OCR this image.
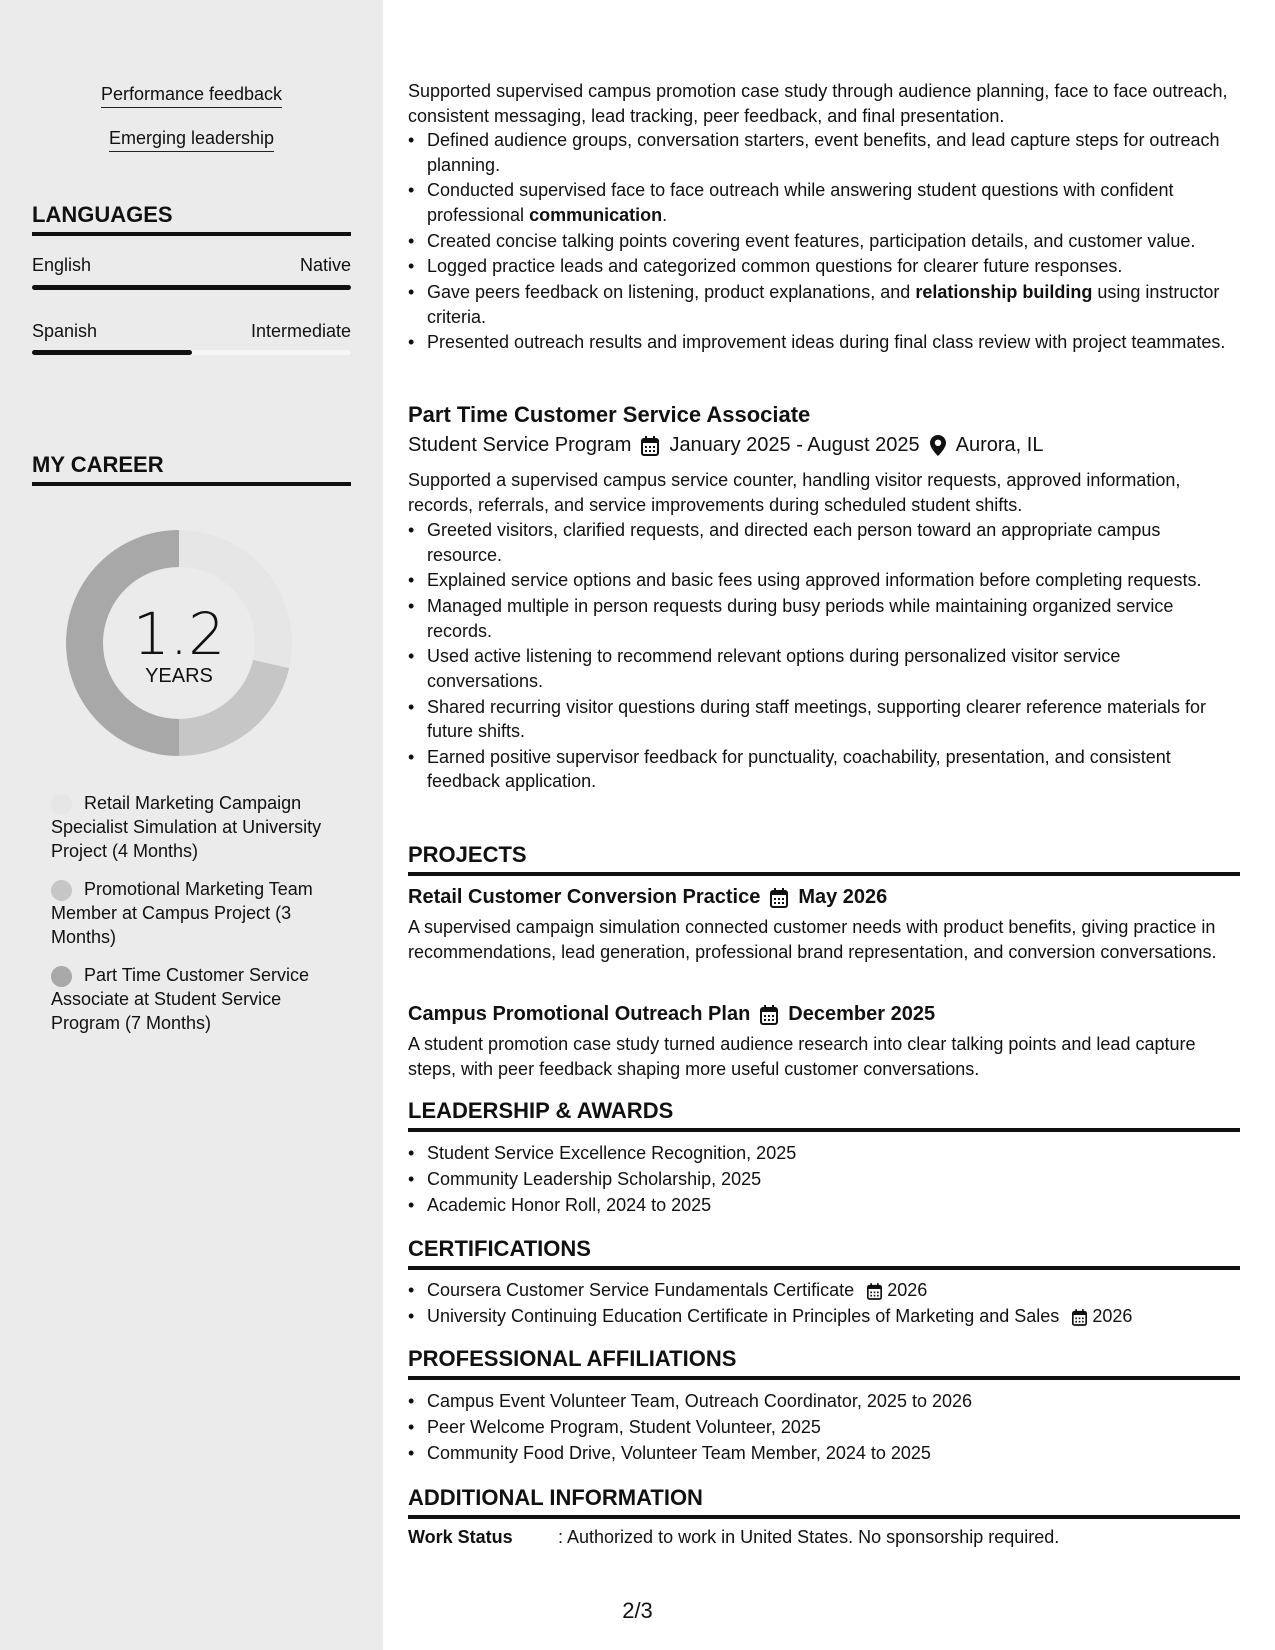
Performance feedback
Emerging leadership
LANGUAGES
English	Native
Spanish	Intermediate
MY CAREER
1.2
YEARS
Retail Marketing Campaign Specialist Simulation at University Project (4 Months)
Promotional Marketing Team Member at Campus Project (3 Months)
Part Time Customer Service Associate at Student Service Program (7 Months)
Supported supervised campus promotion case study through audience planning, face to face outreach, consistent messaging, lead tracking, peer feedback, and final presentation.
• Defined audience groups, conversation starters, event benefits, and lead capture steps for outreach planning.
• Conducted supervised face to face outreach while answering student questions with confident professional communication.
• Created concise talking points covering event features, participation details, and customer value.
• Logged practice leads and categorized common questions for clearer future responses.
• Gave peers feedback on listening, product explanations, and relationship building using instructor criteria.
• Presented outreach results and improvement ideas during final class review with project teammates.
Part Time Customer Service Associate
Student Service Program January 2025 - August 2025 Aurora, IL
Supported a supervised campus service counter, handling visitor requests, approved information, records, referrals, and service improvements during scheduled student shifts.
• Greeted visitors, clarified requests, and directed each person toward an appropriate campus resource.
• Explained service options and basic fees using approved information before completing requests.
• Managed multiple in person requests during busy periods while maintaining organized service records.
• Used active listening to recommend relevant options during personalized visitor service conversations.
• Shared recurring visitor questions during staff meetings, supporting clearer reference materials for future shifts.
• Earned positive supervisor feedback for punctuality, coachability, presentation, and consistent feedback application.
PROJECTS
Retail Customer Conversion Practice May 2026
A supervised campaign simulation connected customer needs with product benefits, giving practice in recommendations, lead generation, professional brand representation, and conversion conversations.
Campus Promotional Outreach Plan December 2025
A student promotion case study turned audience research into clear talking points and lead capture steps, with peer feedback shaping more useful customer conversations.
LEADERSHIP & AWARDS
• Student Service Excellence Recognition, 2025
• Community Leadership Scholarship, 2025
• Academic Honor Roll, 2024 to 2025
CERTIFICATIONS
• Coursera Customer Service Fundamentals Certificate 2026
• University Continuing Education Certificate in Principles of Marketing and Sales 2026
PROFESSIONAL AFFILIATIONS
• Campus Event Volunteer Team, Outreach Coordinator, 2025 to 2026
• Peer Welcome Program, Student Volunteer, 2025
• Community Food Drive, Volunteer Team Member, 2024 to 2025
ADDITIONAL INFORMATION
Work Status	: Authorized to work in United States. No sponsorship required.
2/3
